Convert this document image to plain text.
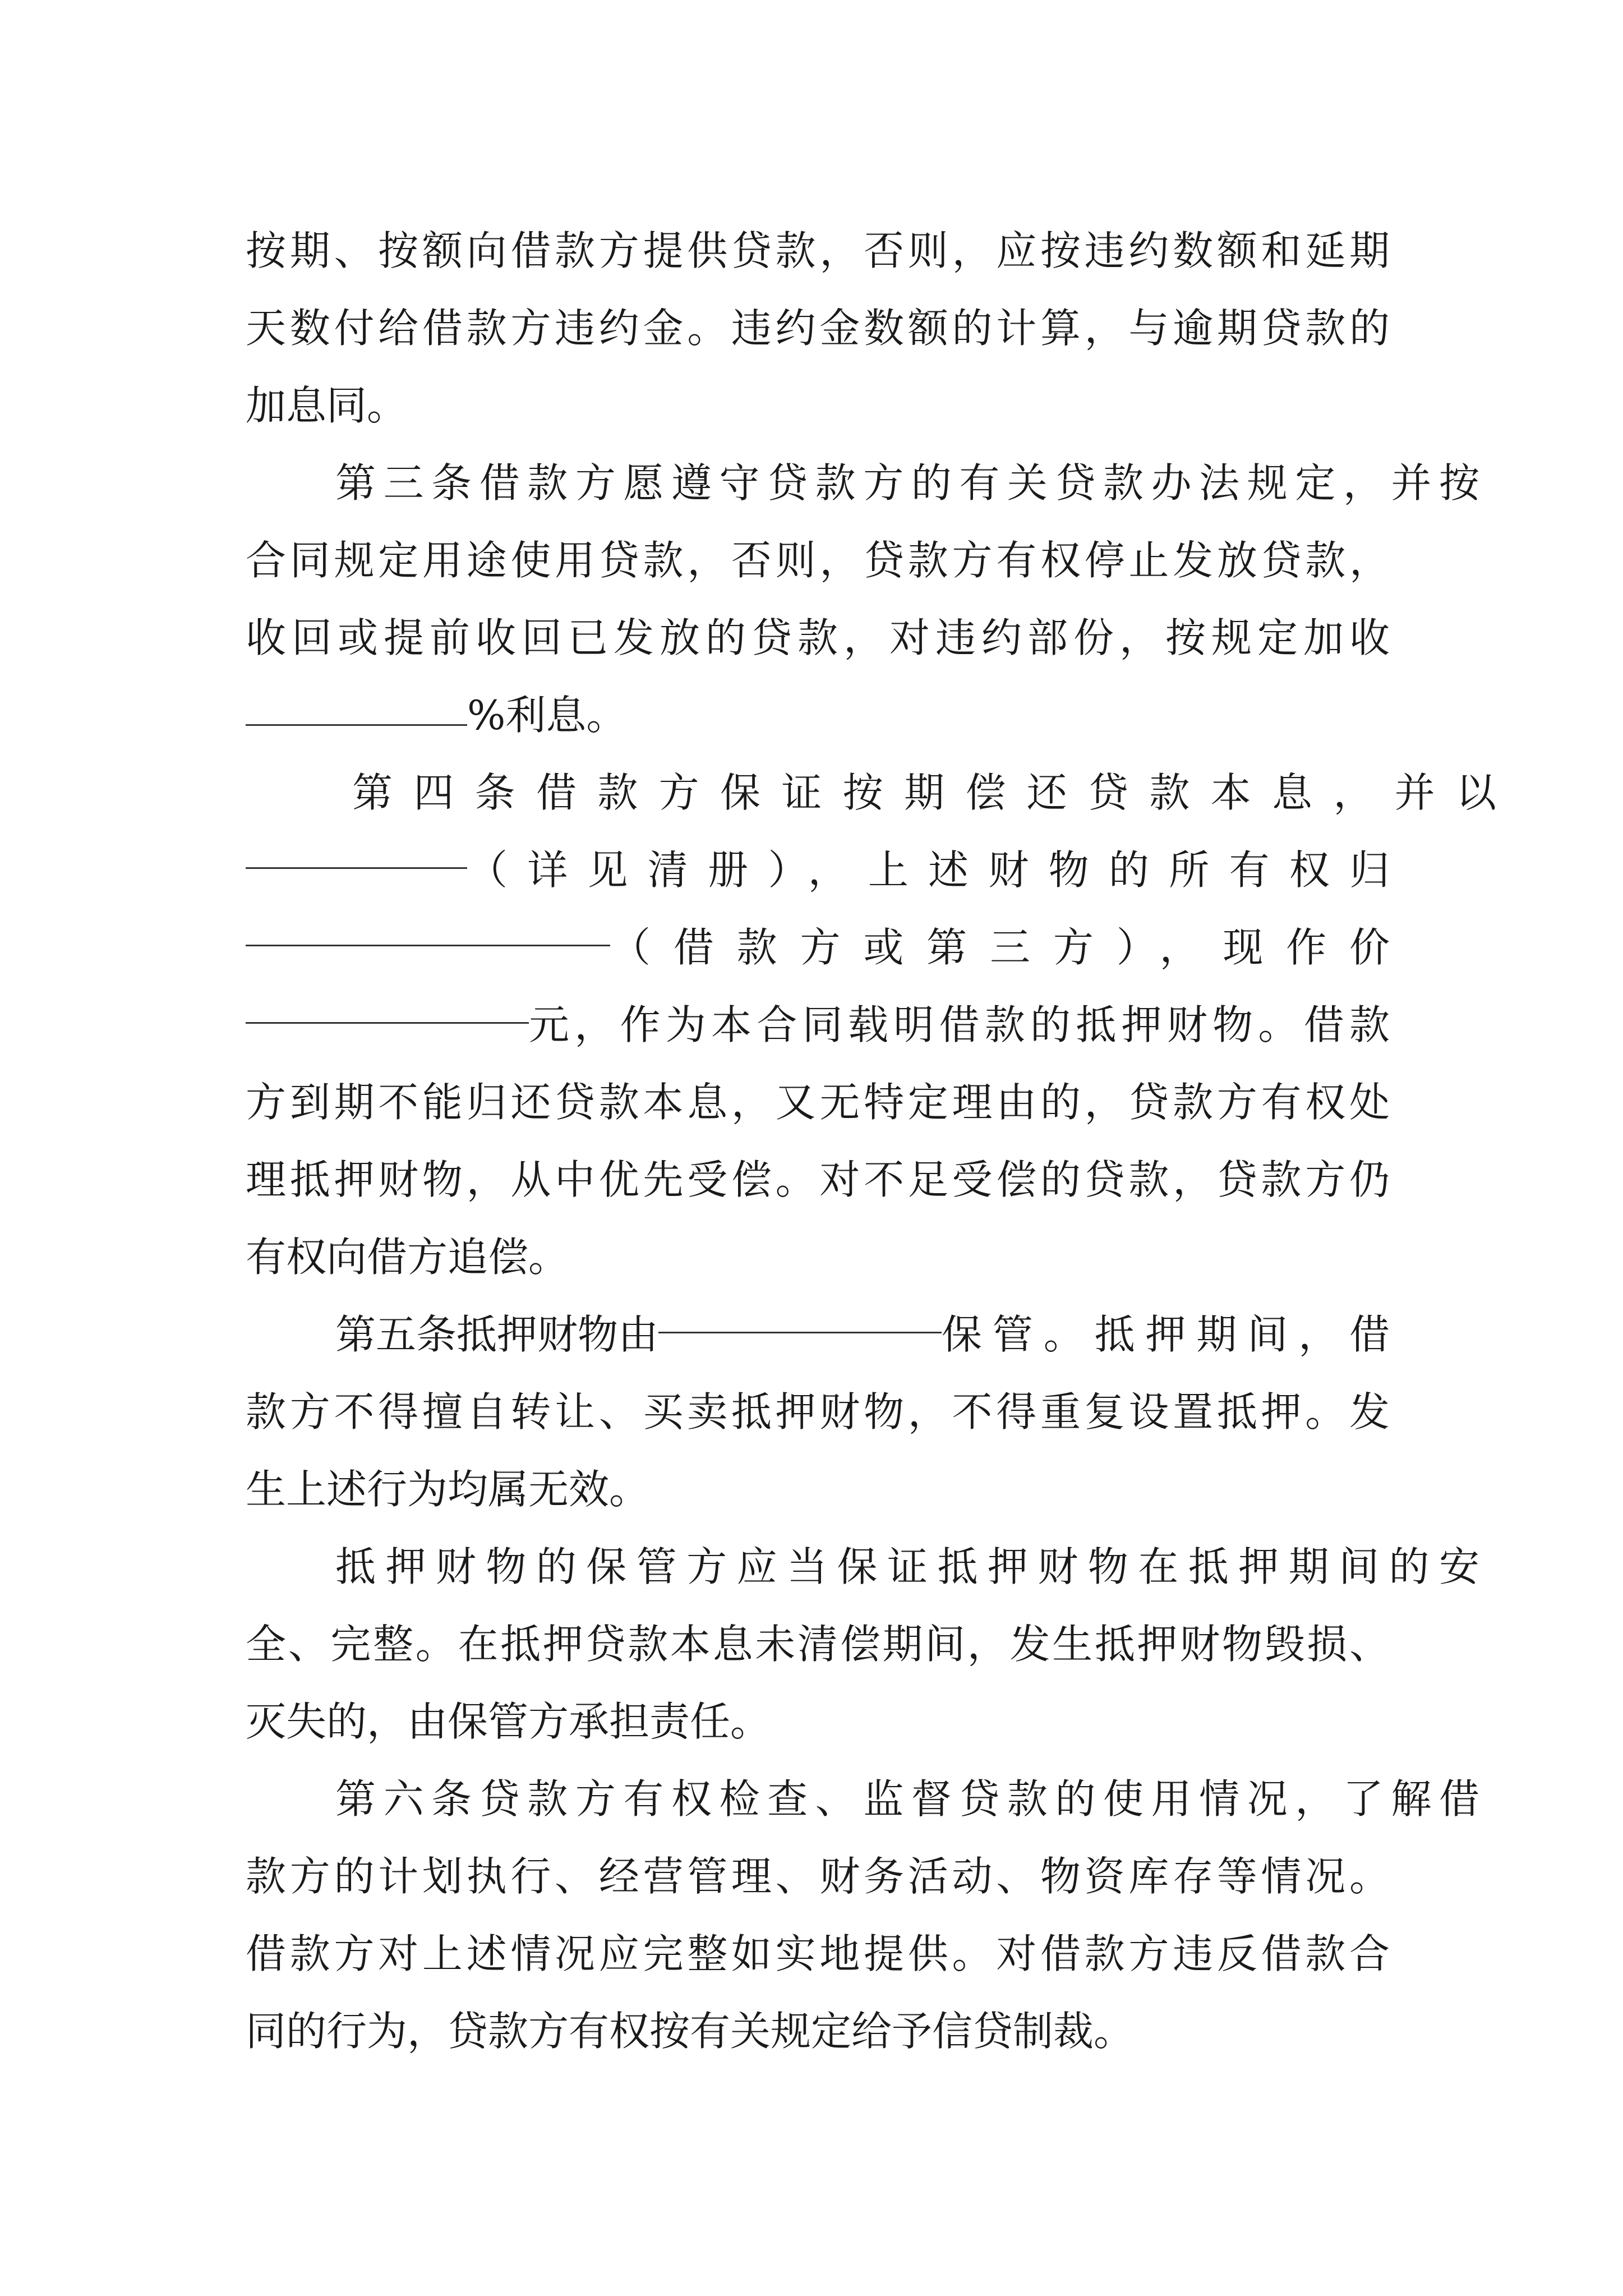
按期、按额向借款方提供贷款，否则，应按违约数额和延期
天数付给借款方违约金。违约金数额的计算，与逾期贷款的
加息同。
第三条借款方愿遵守贷款方的有关贷款办法规定，并按
合同规定用途使用贷款，否则，贷款方有权停止发放贷款，
收回或提前收回已发放的贷款，对违约部份，按规定加收
%利息。
第四条借款方保证按期偿还贷款本息，并以
（详见清册），上述财物的所有权归
（借款方或第三方），现作价
元，作为本合同载明借款的抵押财物。借款
方到期不能归还贷款本息，又无特定理由的，贷款方有权处
理抵押财物，从中优先受偿。对不足受偿的贷款，贷款方仍
有权向借方追偿。
第五条抵押财物由	保管。抵押期间，借
款方不得擅自转让、买卖抵押财物，不得重复设置抵押。发
生上述行为均属无效。
抵押财物的保管方应当保证抵押财物在抵押期间的安
全、完整。在抵押贷款本息未清偿期间，发生抵押财物毁损、
灭失的，由保管方承担责任。
第六条贷款方有权检查、监督贷款的使用情况，了解借
款方的计划执行、经营管理、财务活动、物资库存等情况。
借款方对上述情况应完整如实地提供。对借款方违反借款合
同的行为，贷款方有权按有关规定给予信贷制裁。
